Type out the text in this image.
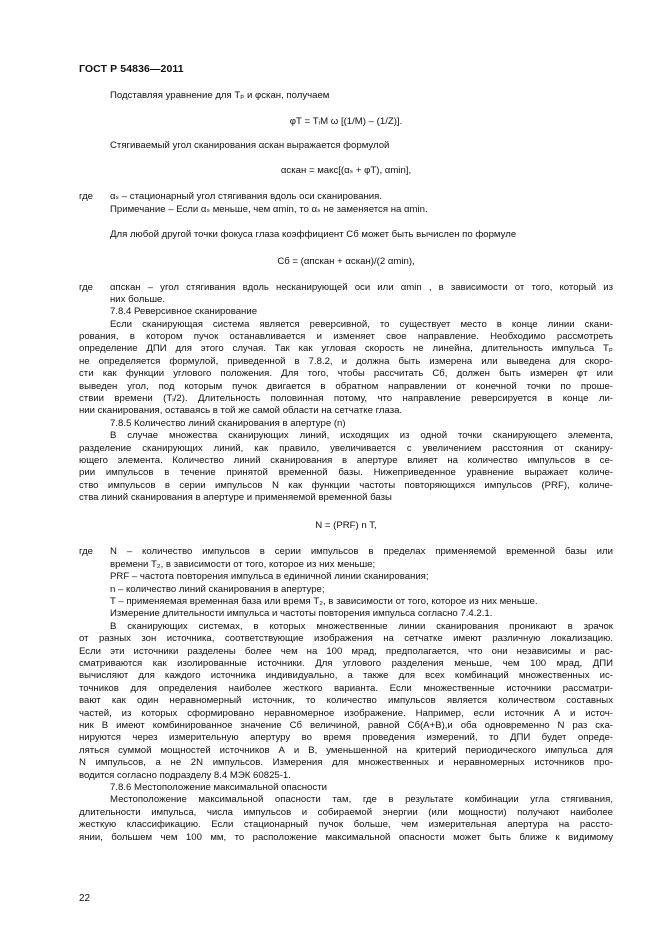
ГОСТ Р 54836—2011
Подставляя уравнение для Tₚ и φскан, получаем
φТ = TᵢM ω [(1/M) – (1/Z)].
Стягиваемый угол сканирования αскан выражается формулой
αскан = макс[(αₛ + φТ), αmin],
где αₛ – стационарный угол стягивания вдоль оси сканирования.
Примечание – Если αₛ меньше, чем αmin, то αₛ не заменяется на αmin.
Для любой другой точки фокуса глаза коэффициент Cб может быть вычислен по формуле
Cб = (αпскан + αскан)/(2 αmin),
где αпскан – угол стягивания вдоль несканирующей оси или αmin , в зависимости от того, который из
них больше.
7.8.4 Реверсивное сканирование
Если сканирующая система является реверсивной, то существует место в конце линии скани-
рования, в котором пучок останавливается и изменяет свое направление. Необходимо рассмотреть
определение ДПИ для этого случая. Так как угловая скорость не линейна, длительность импульса Tₚ
не определяется формулой, приведенной в 7.8.2, и должна быть измерена или выведена для скоро-
сти как функции углового положения. Для того, чтобы рассчитать Cб, должен быть измерен φт или
выведен угол, под которым пучок двигается в обратном направлении от конечной точки по проше-
ствии времени (Tᵢ/2). Длительность половинная потому, что направление реверсируется в конце ли-
нии сканирования, оставаясь в той же самой области на сетчатке глаза.
7.8.5 Количество линий сканирования в апертуре (n)
В случае множества сканирующих линий, исходящих из одной точки сканирующего элемента,
разделение сканирующих линий, как правило, увеличивается с увеличением расстояния от сканиру-
ющего элемента. Количество линий сканирования в апертуре влияет на количество импульсов в се-
рии импульсов в течение принятой временной базы. Нижеприведенное уравнение выражает количе-
ство импульсов в серии импульсов N как функции частоты повторяющихся импульсов (PRF), количе-
ства линий сканирования в апертуре и применяемой временной базы
N = (PRF) n T,
где N – количество импульсов в серии импульсов в пределах применяемой временной базы или
времени T₂, в зависимости от того, которое из них меньше;
PRF – частота повторения импульса в единичной линии сканирования;
n – количество линий сканирования в апертуре;
T – применяемая временная база или время T₂, в зависимости от того, которое из них меньше.
Измерение длительности импульса и частоты повторения импульса согласно 7.4.2.1.
В сканирующих системах, в которых множественные линии сканирования проникают в зрачок
от разных зон источника, соответствующие изображения на сетчатке имеют различную локализацию.
Если эти источники разделены более чем на 100 мрад, предполагается, что они независимы и рас-
сматриваются как изолированные источники. Для углового разделения меньше, чем 100 мрад, ДПИ
вычисляют для каждого источника индивидуально, а также для всех комбинаций множественных ис-
точников для определения наиболее жесткого варианта. Если множественные источники рассматри-
вают как один неравномерный источник, то количество импульсов является количеством составных
частей, из которых сформировано неравномерное изображение. Например, если источник А и источ-
ник В имеют комбинированное значение Cб величиной, равной Cб(A+B),и оба одновременно N раз ска-
нируются через измерительную апертуру во время проведения измерений, то ДПИ будет опреде-
ляться суммой мощностей источников А и В, уменьшенной на критерий периодического импульса для
N импульсов, а не 2N импульсов. Измерения для множественных и неравномерных источников про-
водится согласно подразделу 8.4 МЭК 60825-1.
7.8.6 Местоположение максимальной опасности
Местоположение максимальной опасности там, где в результате комбинации угла стягивания,
длительности импульса, числа импульсов и собираемой энергии (или мощности) получают наиболее
жесткую классификацию. Если стационарный пучок больше, чем измерительная апертура на рассто-
янии, большем чем 100 мм, то расположение максимальной опасности может быть ближе к видимому
22
